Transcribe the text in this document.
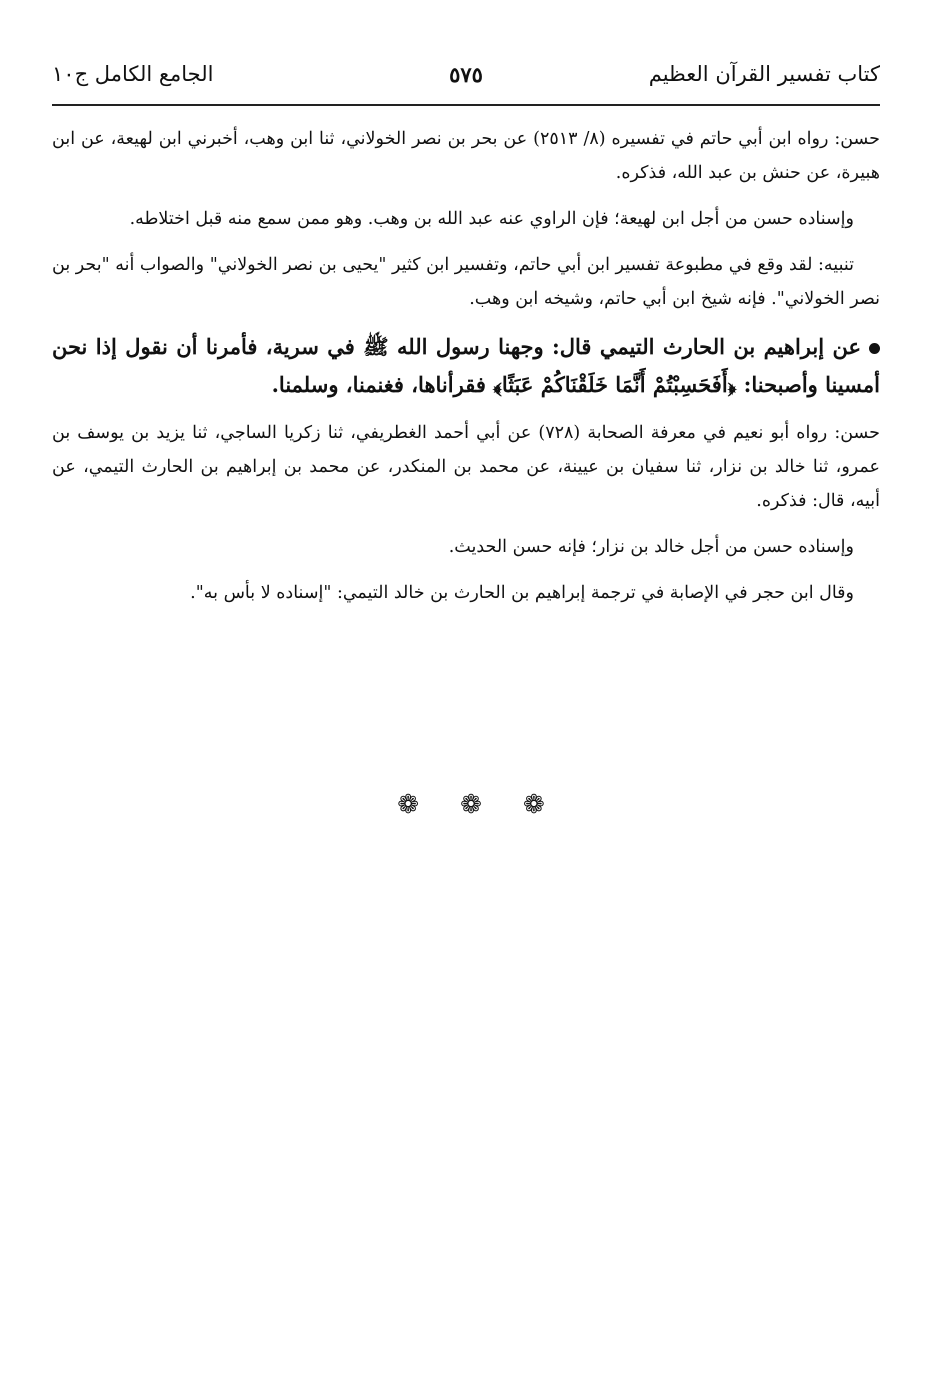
كتاب تفسير القرآن العظيم
٥٧٥
الجامع الكامل ج١٠

حسن: رواه ابن أبي حاتم في تفسيره (٨/ ٢٥١٣) عن بحر بن نصر الخولاني، ثنا ابن وهب، أخبرني ابن لهيعة، عن ابن هبيرة، عن حنش بن عبد الله، فذكره.

وإسناده حسن من أجل ابن لهيعة؛ فإن الراوي عنه عبد الله بن وهب. وهو ممن سمع منه قبل اختلاطه.

تنبيه: لقد وقع في مطبوعة تفسير ابن أبي حاتم، وتفسير ابن كثير "يحيى بن نصر الخولاني" والصواب أنه "بحر بن نصر الخولاني". فإنه شيخ ابن أبي حاتم، وشيخه ابن وهب.

عن إبراهيم بن الحارث التيمي قال: وجهنا رسول الله ﷺ في سرية، فأمرنا أن نقول إذا نحن أمسينا وأصبحنا: ﴿أَفَحَسِبْتُمْ أَنَّمَا خَلَقْنَاكُمْ عَبَثًا﴾ فقرأناها، فغنمنا، وسلمنا.

حسن: رواه أبو نعيم في معرفة الصحابة (٧٢٨) عن أبي أحمد الغطريفي، ثنا زكريا الساجي، ثنا يزيد بن يوسف بن عمرو، ثنا خالد بن نزار، ثنا سفيان بن عيينة، عن محمد بن المنكدر، عن محمد بن إبراهيم بن الحارث التيمي، عن أبيه، قال: فذكره.

وإسناده حسن من أجل خالد بن نزار؛ فإنه حسن الحديث.

وقال ابن حجر في الإصابة في ترجمة إبراهيم بن الحارث بن خالد التيمي: "إسناده لا بأس به".

❁ ❁ ❁
